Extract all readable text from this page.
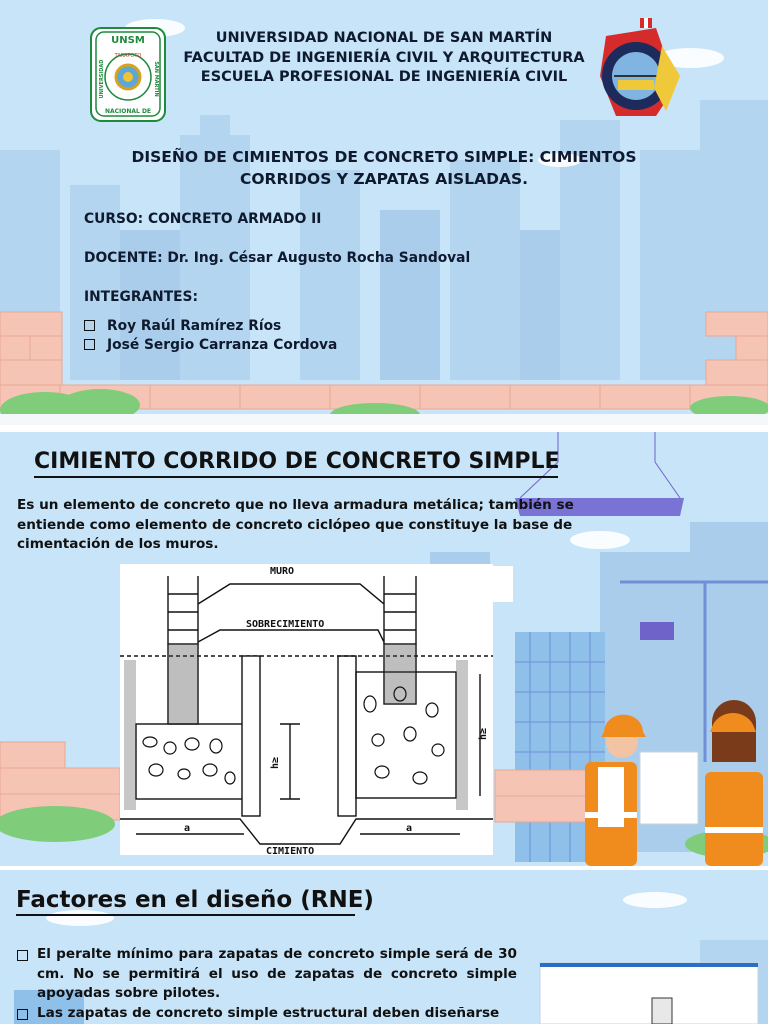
UNSM
TARAPOTO
NACIONAL DE
UNIVERSIDAD	SAN MARTIN
UNIVERSIDAD NACIONAL DE SAN MARTÍN
FACULTAD DE INGENIERÍA CIVIL Y ARQUITECTURA
ESCUELA PROFESIONAL DE INGENIERÍA CIVIL
DISEÑO DE CIMIENTOS DE CONCRETO SIMPLE: CIMIENTOS
CORRIDOS Y ZAPATAS AISLADAS.
CURSO: CONCRETO ARMADO II
DOCENTE: Dr. Ing. César Augusto Rocha Sandoval
INTEGRANTES:
Roy Raúl Ramírez Ríos
José Sergio Carranza Cordova
CIMIENTO CORRIDO DE CONCRETO SIMPLE
Es un elemento de concreto que no lleva armadura metálica; también se
entiende como elemento de concreto ciclópeo que constituye la base de
cimentación de los muros.
MURO
SOBRECIMIENTO
CIMIENTO
a	a
h≥
h≥
Factores en el diseño (RNE)
El peralte mínimo para zapatas de concreto simple será de 30 cm. No se permitirá el uso de zapatas de concreto simple apoyadas sobre pilotes.
Las zapatas de concreto simple estructural deben diseñarse
